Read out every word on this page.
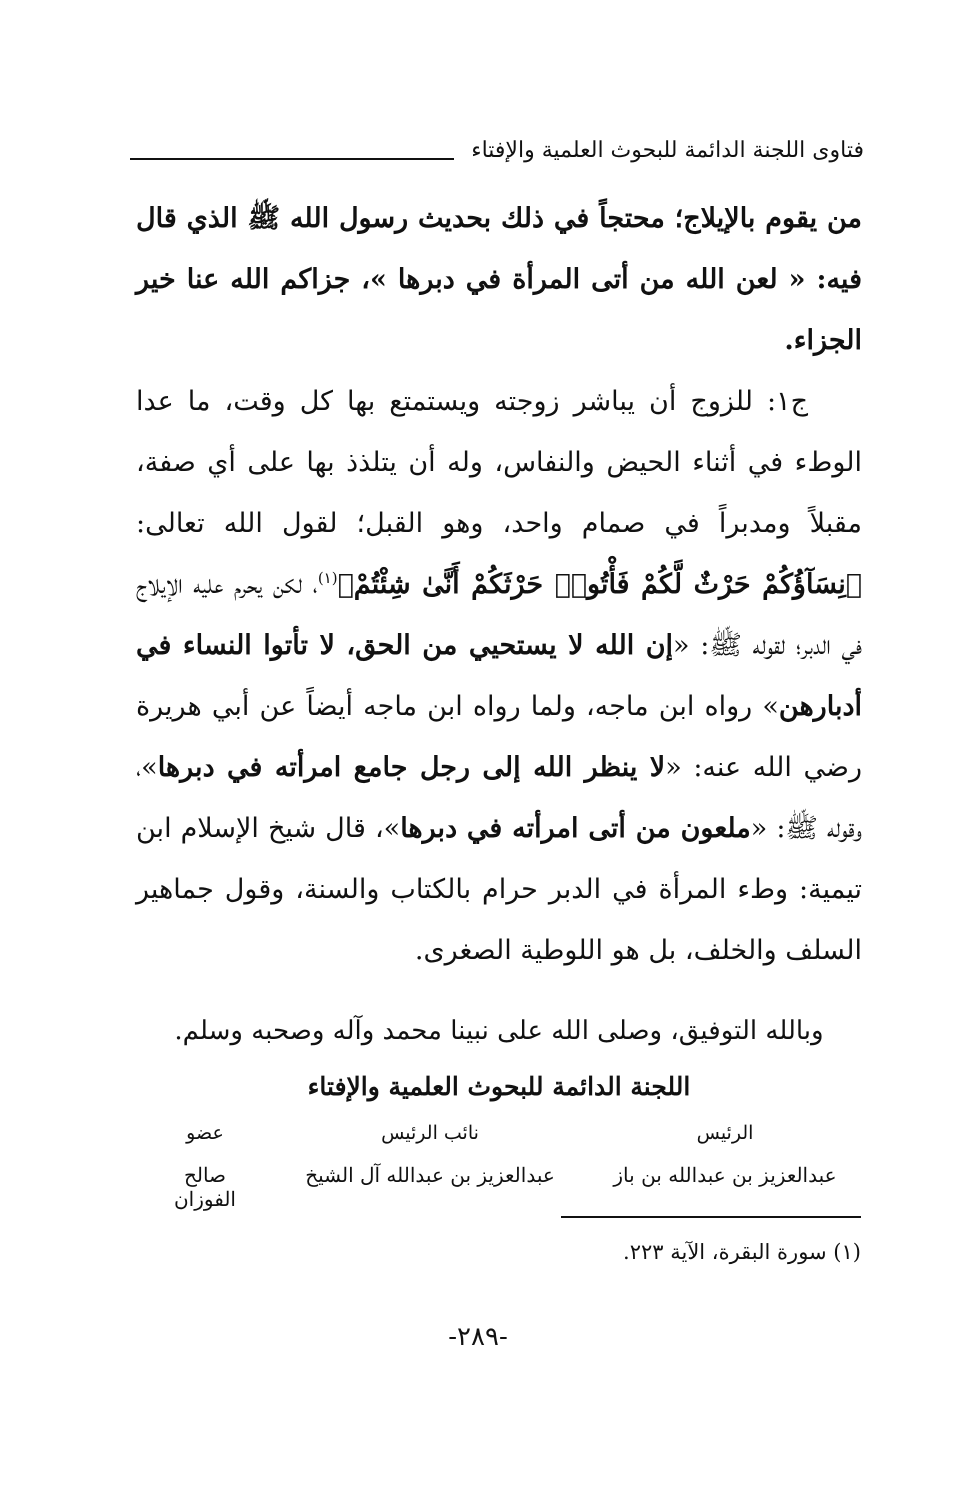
فتاوى اللجنة الدائمة للبحوث العلمية والإفتاء

من يقوم بالإيلاج؛ محتجاً في ذلك بحديث رسول الله ﷺ الذي قال فيه: « لعن الله من أتى المرأة في دبرها »، جزاكم الله عنا خير الجزاء.

ج١: للزوج أن يباشر زوجته ويستمتع بها كل وقت، ما عدا الوطء في أثناء الحيض والنفاس، وله أن يتلذذ بها على أي صفة، مقبلاً ومدبراً في صمام واحد، وهو القبل؛ لقول الله تعالى: ﴿نِسَآؤُكُمْ حَرْثٌ لَّكُمْ فَأْتُوا۟ حَرْثَكُمْ أَنَّىٰ شِئْتُمْ﴾$^{(١)}$، لكن يحرم عليه الإيلاج في الدبر؛ لقوله ﷺ: «إن الله لا يستحيي من الحق، لا تأتوا النساء في أدبارهن» رواه ابن ماجه، ولما رواه ابن ماجه أيضاً عن أبي هريرة رضي الله عنه: «لا ينظر الله إلى رجل جامع امرأته في دبرها»، وقوله ﷺ: «ملعون من أتى امرأته في دبرها»، قال شيخ الإسلام ابن تيمية: وطء المرأة في الدبر حرام بالكتاب والسنة، وقول جماهير السلف والخلف، بل هو اللوطية الصغرى.

وبالله التوفيق، وصلى الله على نبينا محمد وآله وصحبه وسلم.
اللجنة الدائمة للبحوث العلمية والإفتاء
الرئيس
نائب الرئيس
عضو
عبدالعزيز بن عبدالله بن باز
عبدالعزيز بن عبدالله آل الشيخ
صالح الفوزان
(١) سورة البقرة، الآية ٢٢٣.
-٢٨٩-
